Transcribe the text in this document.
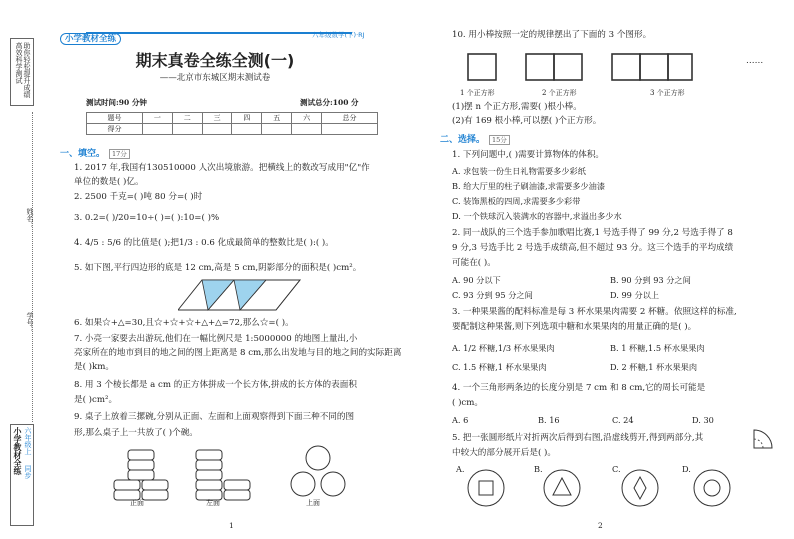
高效科学测试 助你轻松提升成绩
姓名：
学号：
小学教材全练 六年级上
同步
小学教材全练	六年级数学(下)·RJ
期末真卷全练全测(一)
——北京市东城区期末测试卷
测试时间:90 分钟	测试总分:100 分
题号	一	二	三	四	五	六	总分
得分							
一、填空。 17分
1. 2017 年,我国有130510000 人次出境旅游。把横线上的数改写成用"亿"作
单位的数是( )亿。
2. 2500 千克=( )吨 80 分=( )时
3. 0.2=( )/20=10÷( )=( ):10=( )%
4. 4/5 : 5/6 的比值是( );把1/3 : 0.6 化成最简单的整数比是( ):( )。
5. 如下图,平行四边形的底是 12 cm,高是 5 cm,阴影部分的面积是( )cm²。
6. 如果☆+△=30,且☆+☆+☆+△+△=72,那么☆=( )。
7. 小亮一家要去出游玩,他们在一幅比例尺是 1:5000000 的地图上量出,小
亮家所在的地市到目的地之间的图上距离是 8 cm,那么出发地与目的地之间的实际距离
是( )km。
8. 用 3 个棱长都是 a cm 的正方体拼成一个长方体,拼成的长方体的表面积
是( )cm²。
9. 桌子上放着三摞碗,分别从正面、左面和上面观察得到下面三种不同的图
形,那么桌子上一共放了( )个碗。
正面	左面	上面
1
10. 用小棒按照一定的规律摆出了下面的 3 个图形。
……
1 个正方形	2 个正方形	3 个正方形
(1)摆 n 个正方形,需要( )根小棒。
(2)有 169 根小棒,可以摆( )个正方形。
二、选择。 15分
1. 下列问题中,( )需要计算物体的体积。
A. 求包装一份生日礼物需要多少彩纸
B. 给大厅里的柱子刷油漆,求需要多少油漆
C. 装饰黑板的四周,求需要多少彩带
D. 一个铁球沉入装满水的容器中,求溢出多少水
2. 同一战队的三个选手参加歌唱比赛,1 号选手得了 99 分,2 号选手得了 8
9 分,3 号选手比 2 号选手成绩高,但不超过 93 分。这三个选手的平均成绩
可能在( )。
A. 90 分以下	B. 90 分到 93 分之间
C. 93 分到 95 分之间	D. 99 分以上
3. 一种果果酱的配料标准是每 3 杯水果果肉需要 2 杯糖。依照这样的标准,
要配制这种果酱,则下列选项中糖和水果果肉的用量正确的是( )。
A. 1/2 杯糖,1/3 杯水果果肉	B. 1 杯糖,1.5 杯水果果肉
C. 1.5 杯糖,1 杯水果果肉	D. 2 杯糖,1 杯水果果肉
4. 一个三角形两条边的长度分别是 7 cm 和 8 cm,它的周长可能是
( )cm。
A. 6	B. 16	C. 24	D. 30
5. 把一张圆形纸片对折两次后得到右图,沿虚线剪开,得到两部分,其
中较大的部分展开后是( )。
A.	B.	C.	D.
2
